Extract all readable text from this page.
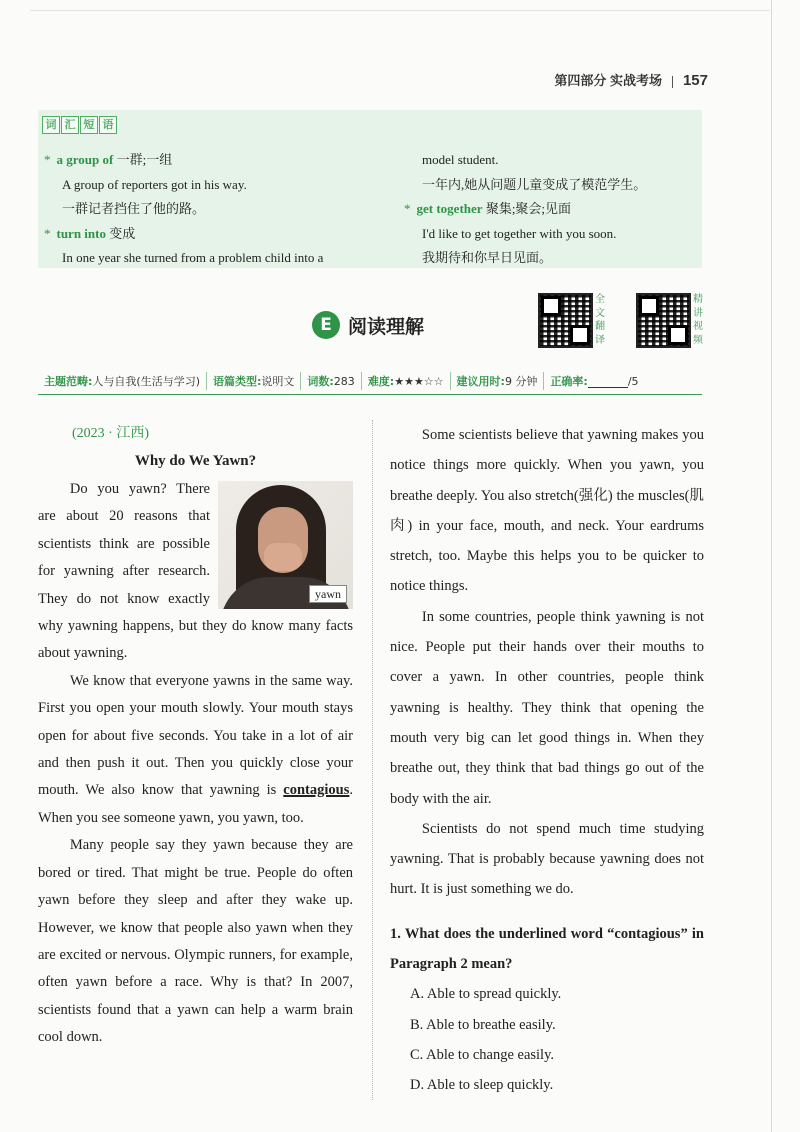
第四部分 实战考场 157
词 汇 短 语
* a group of 一群;一组
A group of reporters got in his way.
一群记者挡住了他的路。
* turn into 变成
In one year she turned from a problem child into a
model student.
一年内,她从问题儿童变成了模范学生。
* get together 聚集;聚会;见面
I'd like to get together with you soon.
我期待和你早日见面。
E 阅读理解
全文翻译
精讲视频
主题范畴: 人与自我(生活与学习) 语篇类型: 说明文 词数: 283 难度: ★★★☆☆ 建议用时: 9 分钟 正确率:	/5
(2023 · 江西)
Why do We Yawn?
yawn

Do you yawn? There are about 20 reasons that scientists think are possible for yawning after research. They do not know exactly why yawning happens, but they do know many facts about yawning.

We know that everyone yawns in the same way. First you open your mouth slowly. Your mouth stays open for about five seconds. You take in a lot of air and then push it out. Then you quickly close your mouth. We also know that yawning is contagious. When you see someone yawn, you yawn, too.

Many people say they yawn because they are bored or tired. That might be true. People do often yawn before they sleep and after they wake up. However, we know that people also yawn when they are excited or nervous. Olympic runners, for example, often yawn before a race. Why is that? In 2007, scientists found that a yawn can help a warm brain cool down.

Some scientists believe that yawning makes you notice things more quickly. When you yawn, you breathe deeply. You also stretch(强化) the muscles(肌肉) in your face, mouth, and neck. Your eardrums stretch, too. Maybe this helps you to be quicker to notice things.

In some countries, people think yawning is not nice. People put their hands over their mouths to cover a yawn. In other countries, people think yawning is healthy. They think that opening the mouth very big can let good things in. When they breathe out, they think that bad things go out of the body with the air.

Scientists do not spend much time studying yawning. That is probably because yawning does not hurt. It is just something we do.

1. What does the underlined word “contagious” in Paragraph 2 mean?

A. Able to spread quickly.

B. Able to breathe easily.

C. Able to change easily.

D. Able to sleep quickly.
